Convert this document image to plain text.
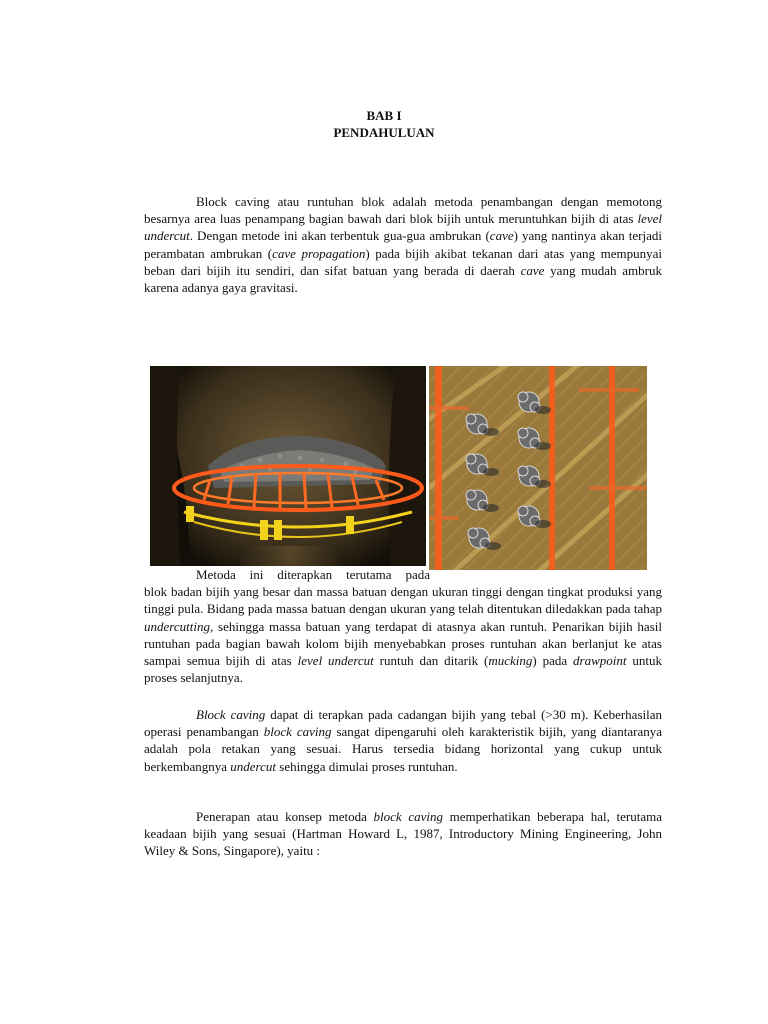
BAB I
PENDAHULUAN

Block caving atau runtuhan blok adalah metoda penambangan dengan memotong besarnya area luas penampang bagian bawah dari blok bijih untuk meruntuhkan bijih di atas level undercut. Dengan metode ini akan terbentuk gua-gua ambrukan (cave) yang nantinya akan terjadi perambatan ambrukan (cave propagation) pada bijih akibat tekanan dari atas yang mempunyai beban dari bijih itu sendiri, dan sifat batuan yang berada di daerah cave yang mudah ambruk karena adanya gaya gravitasi.

Metoda ini diterapkan terutama pada
blok badan bijih yang besar dan massa batuan dengan ukuran tinggi dengan tingkat produksi yang tinggi pula. Bidang pada massa batuan dengan ukuran yang telah ditentukan diledakkan pada tahap undercutting, sehingga massa batuan yang terdapat di atasnya akan runtuh. Penarikan bijih hasil runtuhan pada bagian bawah kolom bijih menyebabkan proses runtuhan akan berlanjut ke atas sampai semua bijih di atas level undercut runtuh dan ditarik (mucking) pada drawpoint untuk proses selanjutnya.

Block caving dapat di terapkan pada cadangan bijih yang tebal (>30 m). Keberhasilan operasi penambangan block caving sangat dipengaruhi oleh karakteristik bijih, yang diantaranya adalah pola retakan yang sesuai. Harus tersedia bidang horizontal yang cukup untuk berkembangnya undercut sehingga dimulai proses runtuhan.

Penerapan atau konsep metoda block caving memperhatikan beberapa hal, terutama keadaan bijih yang sesuai (Hartman Howard L, 1987, Introductory Mining Engineering, John Wiley & Sons, Singapore), yaitu :
